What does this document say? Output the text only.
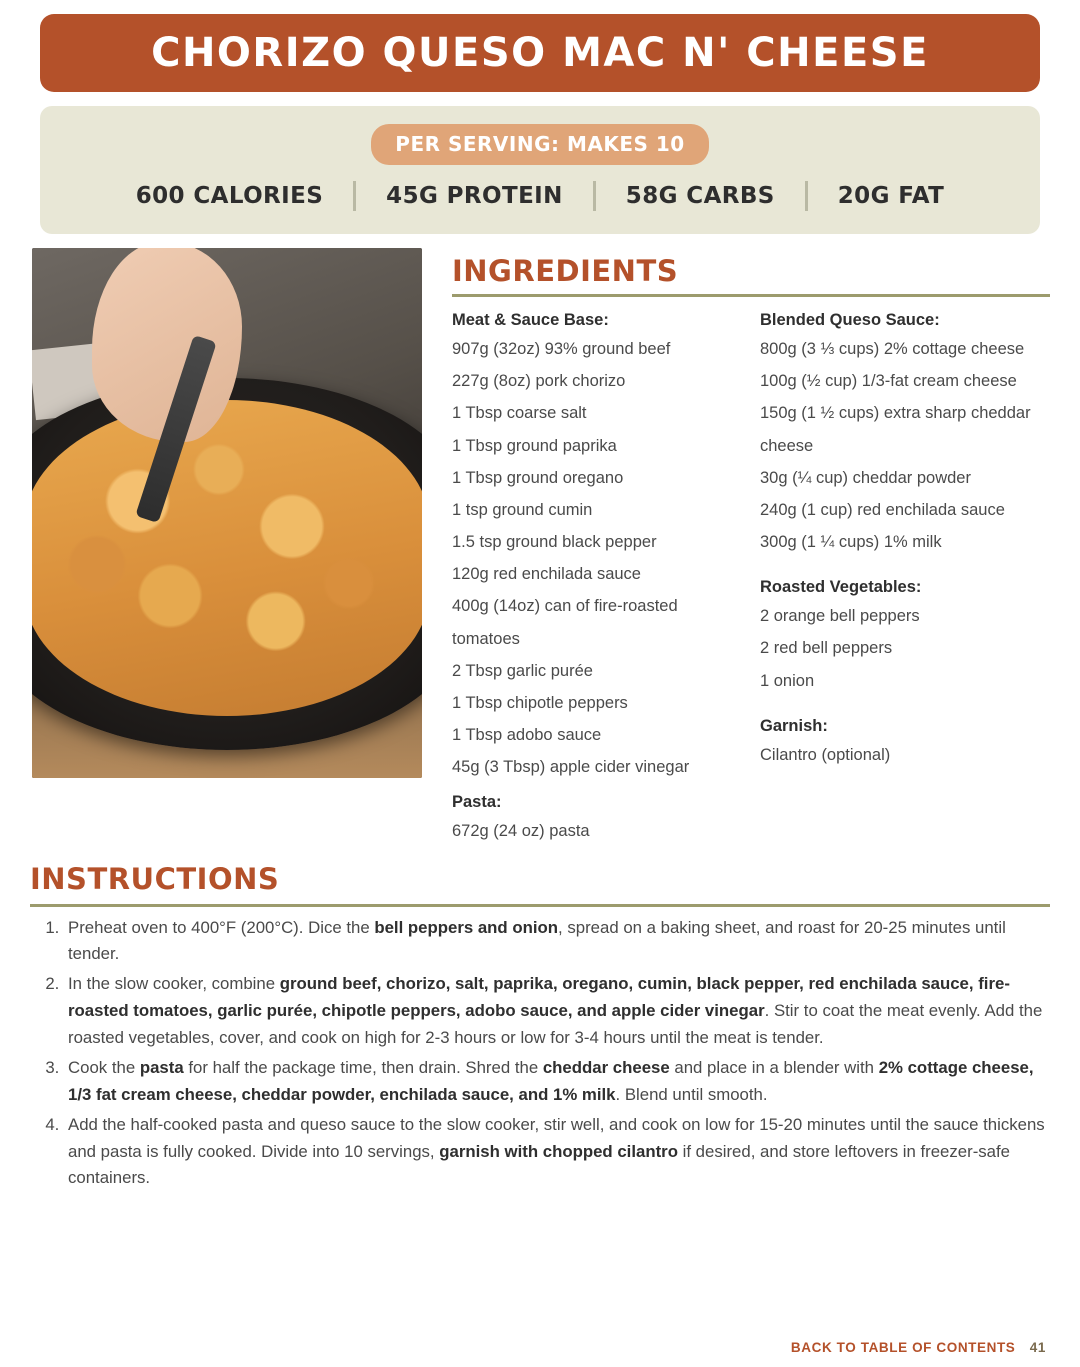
CHORIZO QUESO MAC N' CHEESE
PER SERVING: MAKES 10
600 CALORIES	45G PROTEIN	58G CARBS	20G FAT
INGREDIENTS
Meat & Sauce Base:
907g (32oz) 93% ground beef
227g (8oz) pork chorizo
1 Tbsp coarse salt
1 Tbsp ground paprika
1 Tbsp ground oregano
1 tsp ground cumin
1.5 tsp ground black pepper
120g red enchilada sauce
400g (14oz) can of fire-roasted tomatoes
2 Tbsp garlic purée
1 Tbsp chipotle peppers
1 Tbsp adobo sauce
45g (3 Tbsp) apple cider vinegar
Pasta:
672g (24 oz) pasta
Blended Queso Sauce:
800g (3 ⅓ cups) 2% cottage cheese
100g (½ cup) 1/3-fat cream cheese
150g (1 ½ cups) extra sharp cheddar cheese
30g (¼ cup) cheddar powder
240g (1 cup) red enchilada sauce
300g (1 ¼ cups) 1% milk
Roasted Vegetables:
2 orange bell peppers
2 red bell peppers
1 onion
Garnish:
Cilantro (optional)
INSTRUCTIONS
1. Preheat oven to 400°F (200°C). Dice the bell peppers and onion, spread on a baking sheet, and roast for 20-25 minutes until tender.
2. In the slow cooker, combine ground beef, chorizo, salt, paprika, oregano, cumin, black pepper, red enchilada sauce, fire-roasted tomatoes, garlic purée, chipotle peppers, adobo sauce, and apple cider vinegar. Stir to coat the meat evenly. Add the roasted vegetables, cover, and cook on high for 2-3 hours or low for 3-4 hours until the meat is tender.
3. Cook the pasta for half the package time, then drain. Shred the cheddar cheese and place in a blender with 2% cottage cheese, 1/3 fat cream cheese, cheddar powder, enchilada sauce, and 1% milk. Blend until smooth.
4. Add the half-cooked pasta and queso sauce to the slow cooker, stir well, and cook on low for 15-20 minutes until the sauce thickens and pasta is fully cooked. Divide into 10 servings, garnish with chopped cilantro if desired, and store leftovers in freezer-safe containers.
BACK TO TABLE OF CONTENTS 41
